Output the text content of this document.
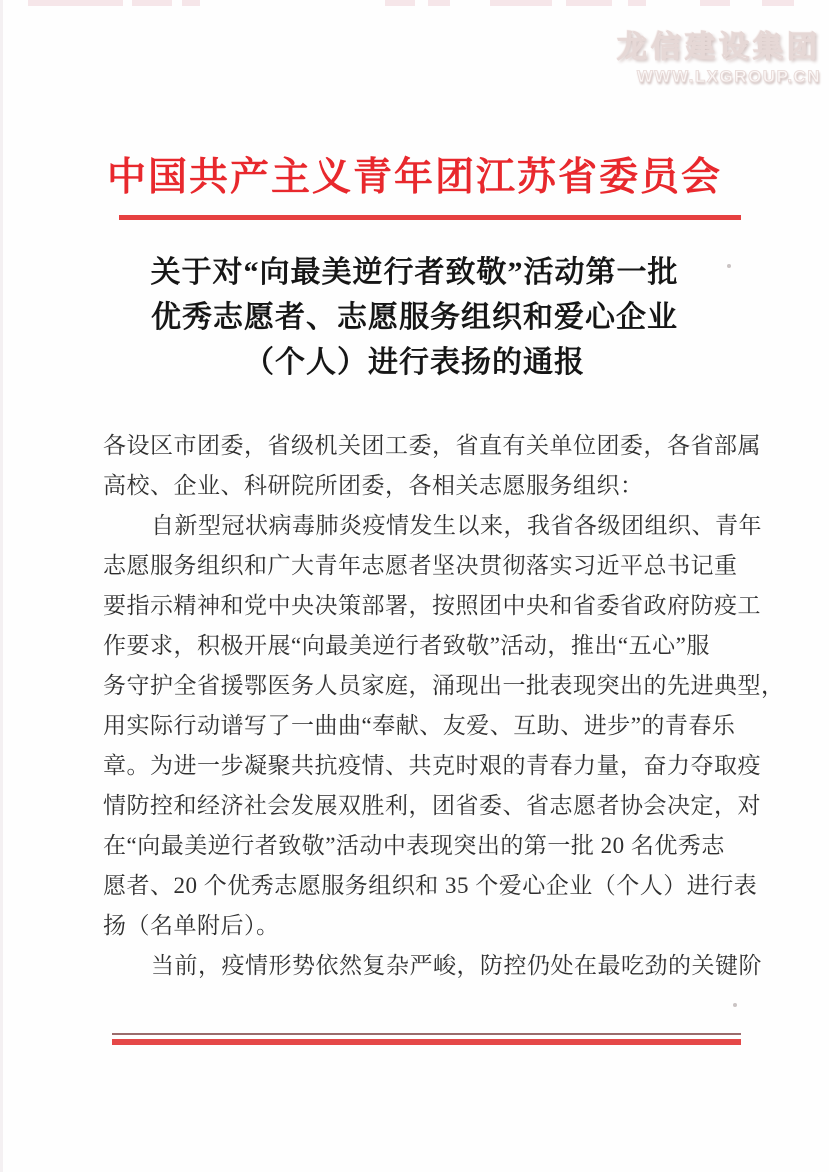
龙信建设集团
WWW.LXGROUP.CN
中国共产主义青年团江苏省委员会
关于对“向最美逆行者致敬”活动第一批
优秀志愿者、志愿服务组织和爱心企业
（个人）进行表扬的通报
各设区市团委，省级机关团工委，省直有关单位团委，各省部属
高校、企业、科研院所团委，各相关志愿服务组织：
自新型冠状病毒肺炎疫情发生以来，我省各级团组织、青年
志愿服务组织和广大青年志愿者坚决贯彻落实习近平总书记重
要指示精神和党中央决策部署，按照团中央和省委省政府防疫工
作要求，积极开展“向最美逆行者致敬”活动，推出“五心”服
务守护全省援鄂医务人员家庭，涌现出一批表现突出的先进典型，
用实际行动谱写了一曲曲“奉献、友爱、互助、进步”的青春乐
章。为进一步凝聚共抗疫情、共克时艰的青春力量，奋力夺取疫
情防控和经济社会发展双胜利，团省委、省志愿者协会决定，对
在“向最美逆行者致敬”活动中表现突出的第一批 20 名优秀志
愿者、20 个优秀志愿服务组织和 35 个爱心企业（个人）进行表
扬（名单附后）。
当前，疫情形势依然复杂严峻，防控仍处在最吃劲的关键阶
